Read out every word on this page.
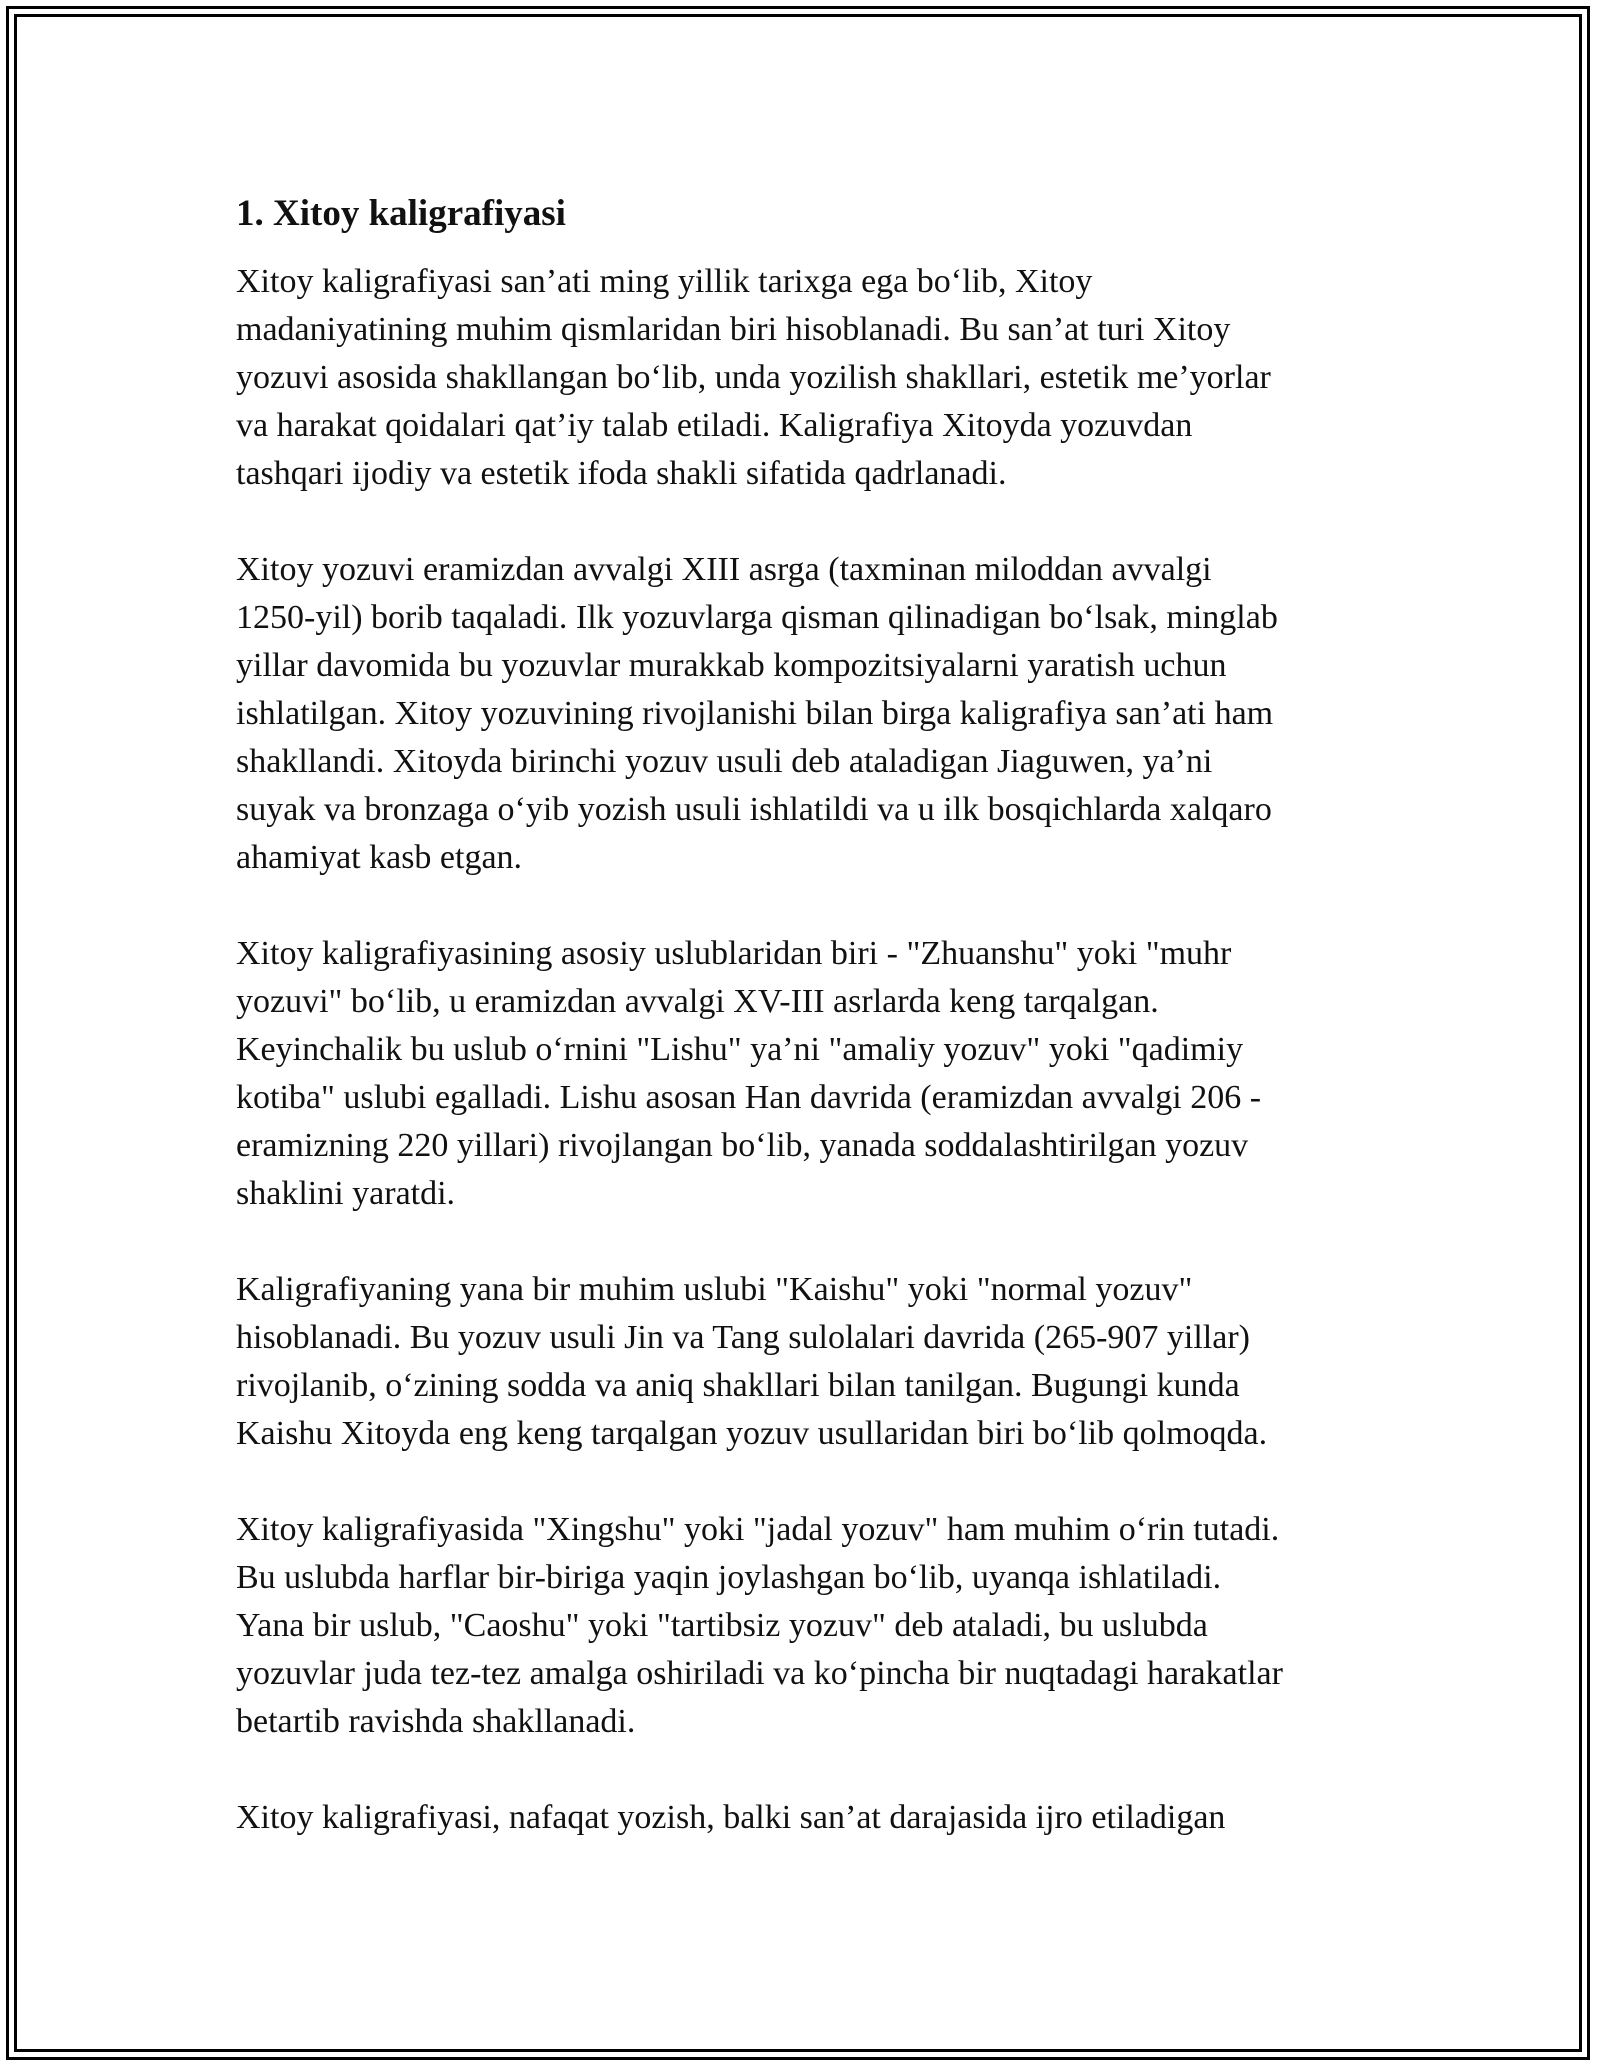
1. Xitoy kaligrafiyasi
Xitoy kaligrafiyasi san’ati ming yillik tarixga ega bo‘lib, Xitoy
madaniyatining muhim qismlaridan biri hisoblanadi. Bu san’at turi Xitoy
yozuvi asosida shakllangan bo‘lib, unda yozilish shakllari, estetik me’yorlar
va harakat qoidalari qat’iy talab etiladi. Kaligrafiya Xitoyda yozuvdan
tashqari ijodiy va estetik ifoda shakli sifatida qadrlanadi.
Xitoy yozuvi eramizdan avvalgi XIII asrga (taxminan miloddan avvalgi
1250-yil) borib taqaladi. Ilk yozuvlarga qisman qilinadigan bo‘lsak, minglab
yillar davomida bu yozuvlar murakkab kompozitsiyalarni yaratish uchun
ishlatilgan. Xitoy yozuvining rivojlanishi bilan birga kaligrafiya san’ati ham
shakllandi. Xitoyda birinchi yozuv usuli deb ataladigan Jiaguwen, ya’ni
suyak va bronzaga o‘yib yozish usuli ishlatildi va u ilk bosqichlarda xalqaro
ahamiyat kasb etgan.
Xitoy kaligrafiyasining asosiy uslublaridan biri - "Zhuanshu" yoki "muhr
yozuvi" bo‘lib, u eramizdan avvalgi XV-III asrlarda keng tarqalgan.
Keyinchalik bu uslub o‘rnini "Lishu" ya’ni "amaliy yozuv" yoki "qadimiy
kotiba" uslubi egalladi. Lishu asosan Han davrida (eramizdan avvalgi 206 -
eramizning 220 yillari) rivojlangan bo‘lib, yanada soddalashtirilgan yozuv
shaklini yaratdi.
Kaligrafiyaning yana bir muhim uslubi "Kaishu" yoki "normal yozuv"
hisoblanadi. Bu yozuv usuli Jin va Tang sulolalari davrida (265-907 yillar)
rivojlanib, o‘zining sodda va aniq shakllari bilan tanilgan. Bugungi kunda
Kaishu Xitoyda eng keng tarqalgan yozuv usullaridan biri bo‘lib qolmoqda.
Xitoy kaligrafiyasida "Xingshu" yoki "jadal yozuv" ham muhim o‘rin tutadi.
Bu uslubda harflar bir-biriga yaqin joylashgan bo‘lib, uyanqa ishlatiladi.
Yana bir uslub, "Caoshu" yoki "tartibsiz yozuv" deb ataladi, bu uslubda
yozuvlar juda tez-tez amalga oshiriladi va ko‘pincha bir nuqtadagi harakatlar
betartib ravishda shakllanadi.
Xitoy kaligrafiyasi, nafaqat yozish, balki san’at darajasida ijro etiladigan
